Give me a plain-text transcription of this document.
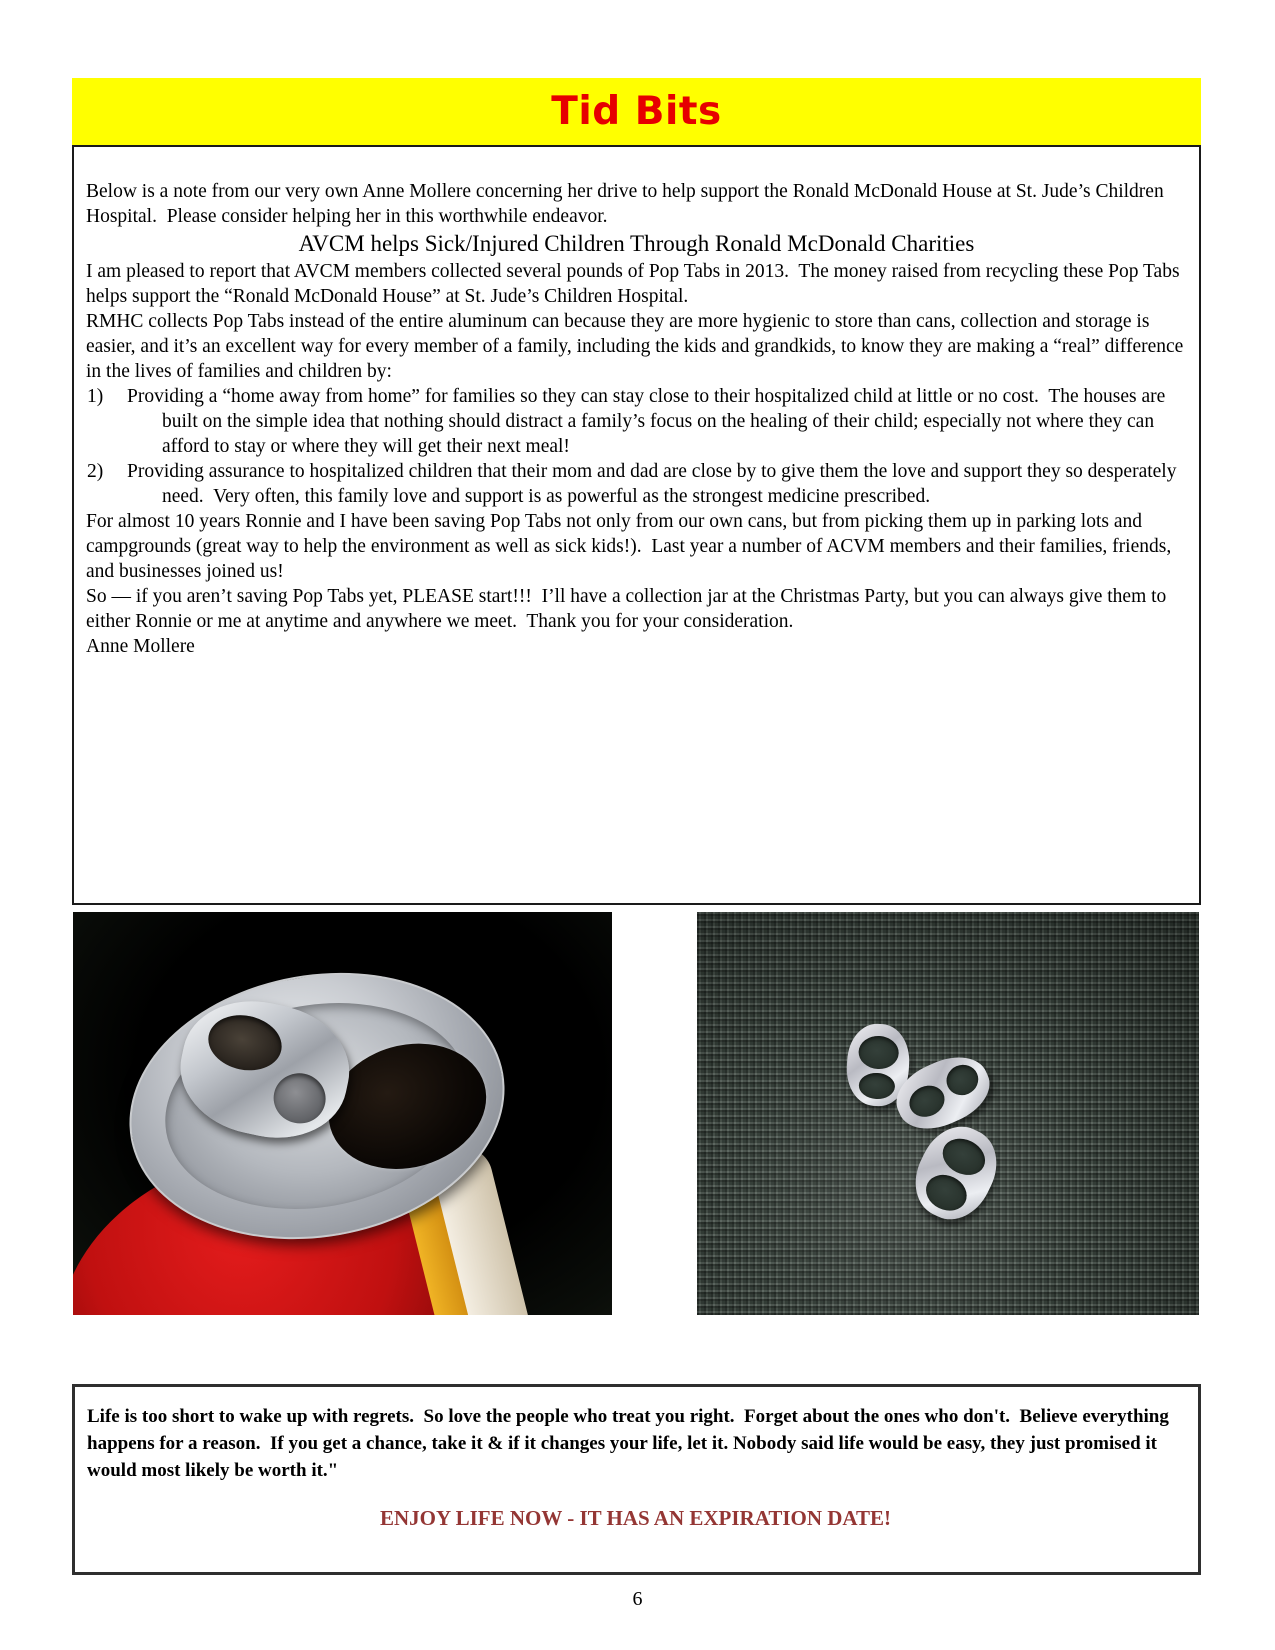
Tid Bits

Below is a note from our very own Anne Mollere concerning her drive to help support the Ronald McDonald House at St. Jude’s Children Hospital.  Please consider helping her in this worthwhile endeavor.

AVCM helps Sick/Injured Children Through Ronald McDonald Charities

I am pleased to report that AVCM members collected several pounds of Pop Tabs in 2013.  The money raised from recycling these Pop Tabs helps support the “Ronald McDonald House” at St. Jude’s Children Hospital.

RMHC collects Pop Tabs instead of the entire aluminum can because they are more hygienic to store than cans, collection and storage is easier, and it’s an excellent way for every member of a family, including the kids and grandkids, to know they are making a “real” difference in the lives of families and children by:

1) Providing a “home away from home” for families so they can stay close to their hospitalized child at little or no cost.  The houses are built on the simple idea that nothing should distract a family’s focus on the healing of their child; especially not where they can afford to stay or where they will get their next meal!

2) Providing assurance to hospitalized children that their mom and dad are close by to give them the love and support they so desperately need.  Very often, this family love and support is as powerful as the strongest medicine prescribed.

For almost 10 years Ronnie and I have been saving Pop Tabs not only from our own cans, but from picking them up in parking lots and campgrounds (great way to help the environment as well as sick kids!).  Last year a number of ACVM members and their families, friends, and businesses joined us!

So — if you aren’t saving Pop Tabs yet, PLEASE start!!!  I’ll have a collection jar at the Christmas Party, but you can always give them to either Ronnie or me at anytime and anywhere we meet.  Thank you for your consideration.

Anne Mollere

Life is too short to wake up with regrets.  So love the people who treat you right.  Forget about the ones who don't.  Believe everything happens for a reason.  If you get a chance, take it & if it changes your life, let it. Nobody said life would be easy, they just promised it would most likely be worth it."

ENJOY LIFE NOW - IT HAS AN EXPIRATION DATE!

6
